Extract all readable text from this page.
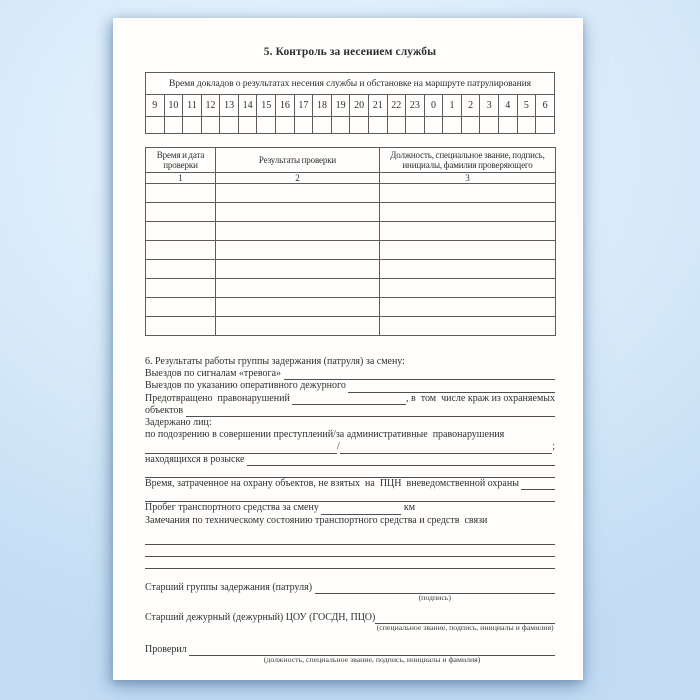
5. Контроль за несением службы
Время докладов о результатах несения службы и обстановке на маршруте патрулирования																					
9	10	11	12	13	14	15	16	17	18	19	20	21	22	23	0	1	2	3	4	5	6

Время и дата проверки	Результаты проверки	Должность, специальное звание, подпись, инициалы, фамилия проверяющего
1	2	3

6. Результаты работы группы задержания (патруля) за смену:
Выездов по сигналам «тревога»
Выездов по указанию оперативного дежурного
Предотвращено  правонарушений	, в  том  числе краж из охраняемых
объектов
Задержано лиц:
по подозрению в совершении преступлений/за административные  правонарушения
/	;
находящихся в розыске
Время, затраченное на охрану объектов, не взятых  на  ПЦН  вневедомственной охраны
Пробег транспортного средства за смену	км
Замечания по техническому состоянию транспортного средства и средств  связи
Старший группы задержания (патруля)
(подпись)
Старший дежурный (дежурный) ЦОУ (ГОСДН, ПЦО)
(специальное звание, подпись, инициалы и фамилия)
Проверил
(должность, специальное звание, подпись, инициалы и фамилия)
